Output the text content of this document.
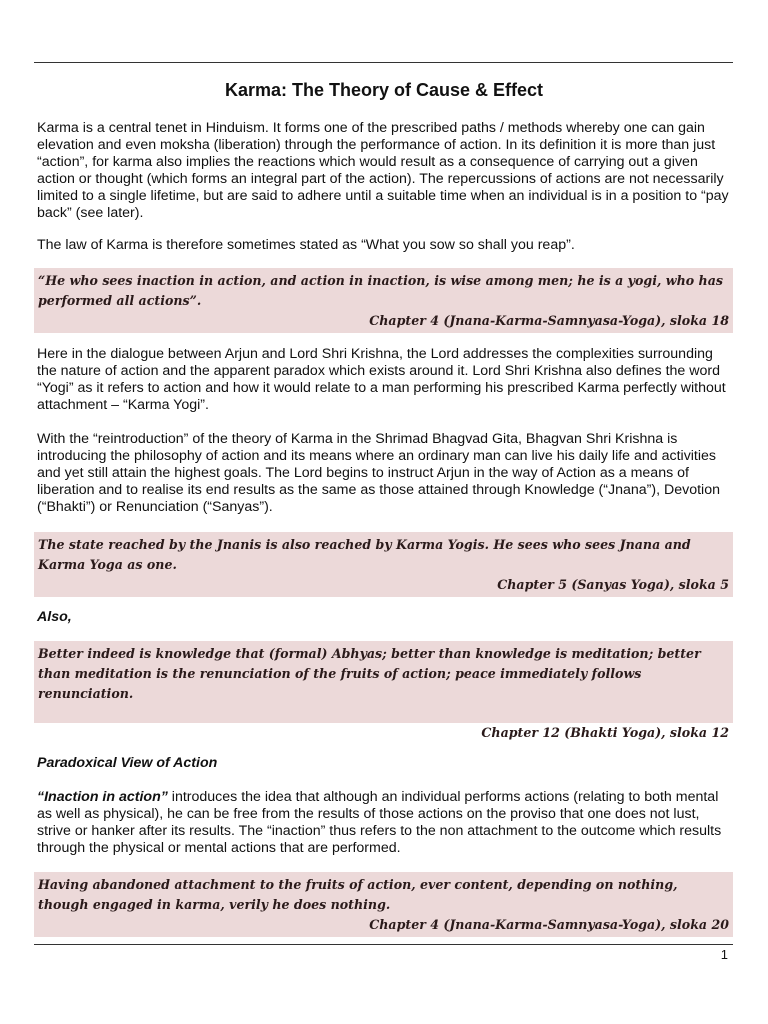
Karma: The Theory of Cause & Effect

Karma is a central tenet in Hinduism. It forms one of the prescribed paths / methods whereby one can gain elevation and even moksha (liberation) through the performance of action. In its definition it is more than just “action”, for karma also implies the reactions which would result as a consequence of carrying out a given action or thought (which forms an integral part of the action). The repercussions of actions are not necessarily limited to a single lifetime, but are said to adhere until a suitable time when an individual is in a position to “pay back” (see later).

The law of Karma is therefore sometimes stated as “What you sow so shall you reap”.

“He who sees inaction in action, and action in inaction, is wise among men; he is a yogi, who has performed all actions”.
Chapter 4 (Jnana-Karma-Samnyasa-Yoga), sloka 18

Here in the dialogue between Arjun and Lord Shri Krishna, the Lord addresses the complexities surrounding the nature of action and the apparent paradox which exists around it. Lord Shri Krishna also defines the word “Yogi” as it refers to action and how it would relate to a man performing his prescribed Karma perfectly without attachment – “Karma Yogi”.

With the “reintroduction” of the theory of Karma in the Shrimad Bhagvad Gita, Bhagvan Shri Krishna is introducing the philosophy of action and its means where an ordinary man can live his daily life and activities and yet still attain the highest goals. The Lord begins to instruct Arjun in the way of Action as a means of liberation and to realise its end results as the same as those attained through Knowledge (“Jnana”), Devotion (“Bhakti”) or Renunciation (“Sanyas”).

The state reached by the Jnanis is also reached by Karma Yogis. He sees who sees Jnana and Karma Yoga as one.
Chapter 5 (Sanyas Yoga), sloka 5
Also,
Better indeed is knowledge that (formal) Abhyas; better than knowledge is meditation; better than meditation is the renunciation of the fruits of action; peace immediately follows renunciation.
Chapter 12 (Bhakti Yoga), sloka 12
Paradoxical View of Action

“Inaction in action” introduces the idea that although an individual performs actions (relating to both mental as well as physical), he can be free from the results of those actions on the proviso that one does not lust, strive or hanker after its results. The “inaction” thus refers to the non attachment to the outcome which results through the physical or mental actions that are performed.

Having abandoned attachment to the fruits of action, ever content, depending on nothing, though engaged in karma, verily he does nothing.
Chapter 4 (Jnana-Karma-Samnyasa-Yoga), sloka 20
1
